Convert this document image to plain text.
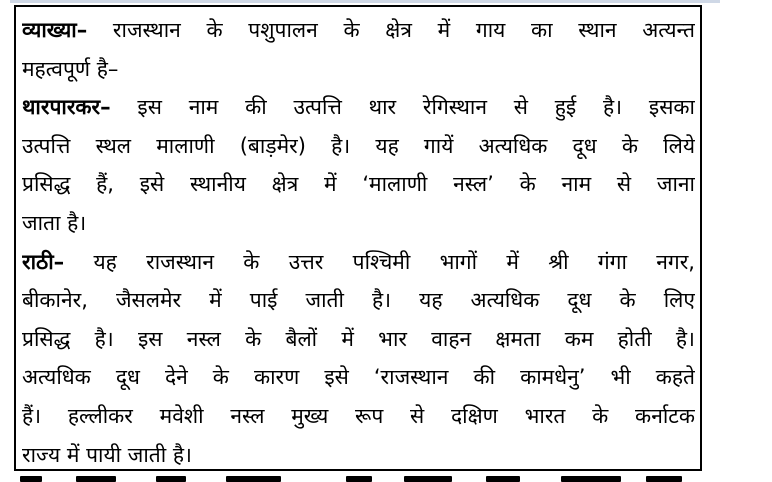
व्याख्या– राजस्थान के पशुपालन के क्षेत्र में गाय का स्थान अत्यन्त
महत्वपूर्ण है–
थारपारकर– इस नाम की उत्पत्ति थार रेगिस्थान से हुई है। इसका
उत्पत्ति स्थल मालाणी (बाड़मेर) है। यह गायें अत्यधिक दूध के लिये
प्रसिद्ध हैं, इसे स्थानीय क्षेत्र में ‘मालाणी नस्ल’ के नाम से जाना
जाता है।
राठी– यह राजस्थान के उत्तर पश्चिमी भागों में श्री गंगा नगर,
बीकानेर, जैसलमेर में पाई जाती है। यह अत्यधिक दूध के लिए
प्रसिद्ध है। इस नस्ल के बैलों में भार वाहन क्षमता कम होती है।
अत्यधिक दूध देने के कारण इसे ‘राजस्थान की कामधेनु’ भी कहते
हैं। हल्लीकर मवेशी नस्ल मुख्य रूप से दक्षिण भारत के कर्नाटक
राज्य में पायी जाती है।
